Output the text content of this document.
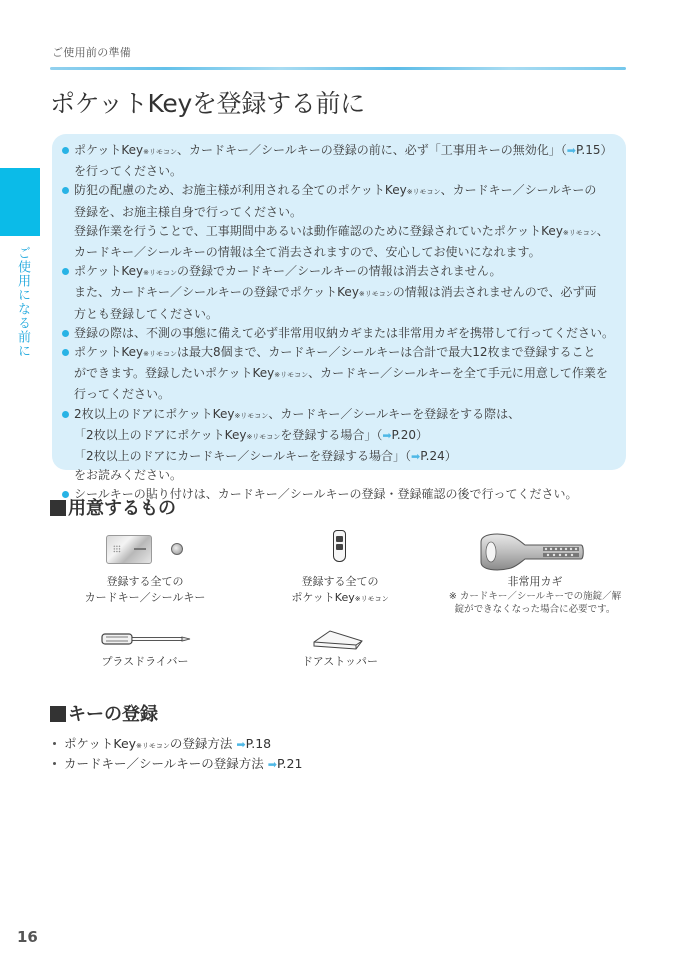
ご使用前の準備
ポケットKeyを登録する前に
ご使用になる前に
ポケットKey※リモコン、カードキー／シールキーの登録の前に、必ず「工事用キーの無効化」（➡P.15）
を行ってください。
防犯の配慮のため、お施主様が利用される全てのポケットKey※リモコン、カードキー／シールキーの
登録を、お施主様自身で行ってください。
登録作業を行うことで、工事期間中あるいは動作確認のために登録されていたポケットKey※リモコン、
カードキー／シールキーの情報は全て消去されますので、安心してお使いになれます。
ポケットKey※リモコンの登録でカードキー／シールキーの情報は消去されません。
また、カードキー／シールキーの登録でポケットKey※リモコンの情報は消去されませんので、必ず両
方とも登録してください。
登録の際は、不測の事態に備えて必ず非常用収納カギまたは非常用カギを携帯して行ってください。
ポケットKey※リモコンは最大8個まで、カードキー／シールキーは合計で最大12枚まで登録すること
ができます。登録したいポケットKey※リモコン、カードキー／シールキーを全て手元に用意して作業を
行ってください。
2枚以上のドアにポケットKey※リモコン、カードキー／シールキーを登録をする際は、
「2枚以上のドアにポケットKey※リモコンを登録する場合」（➡P.20）
「2枚以上のドアにカードキー／シールキーを登録する場合」（➡P.24）
をお読みください。
シールキーの貼り付けは、カードキー／シールキーの登録・登録確認の後で行ってください。
用意するもの
登録する全ての
カードキー／シールキー
登録する全ての
ポケットKey※リモコン
非常用カギ
※ カードキー／シールキーでの施錠／解
錠ができなくなった場合に必要です。
プラスドライバー	ドアストッパー
キーの登録
ポケットKey※リモコンの登録方法 ➡P.18
カードキー／シールキーの登録方法 ➡P.21
16
